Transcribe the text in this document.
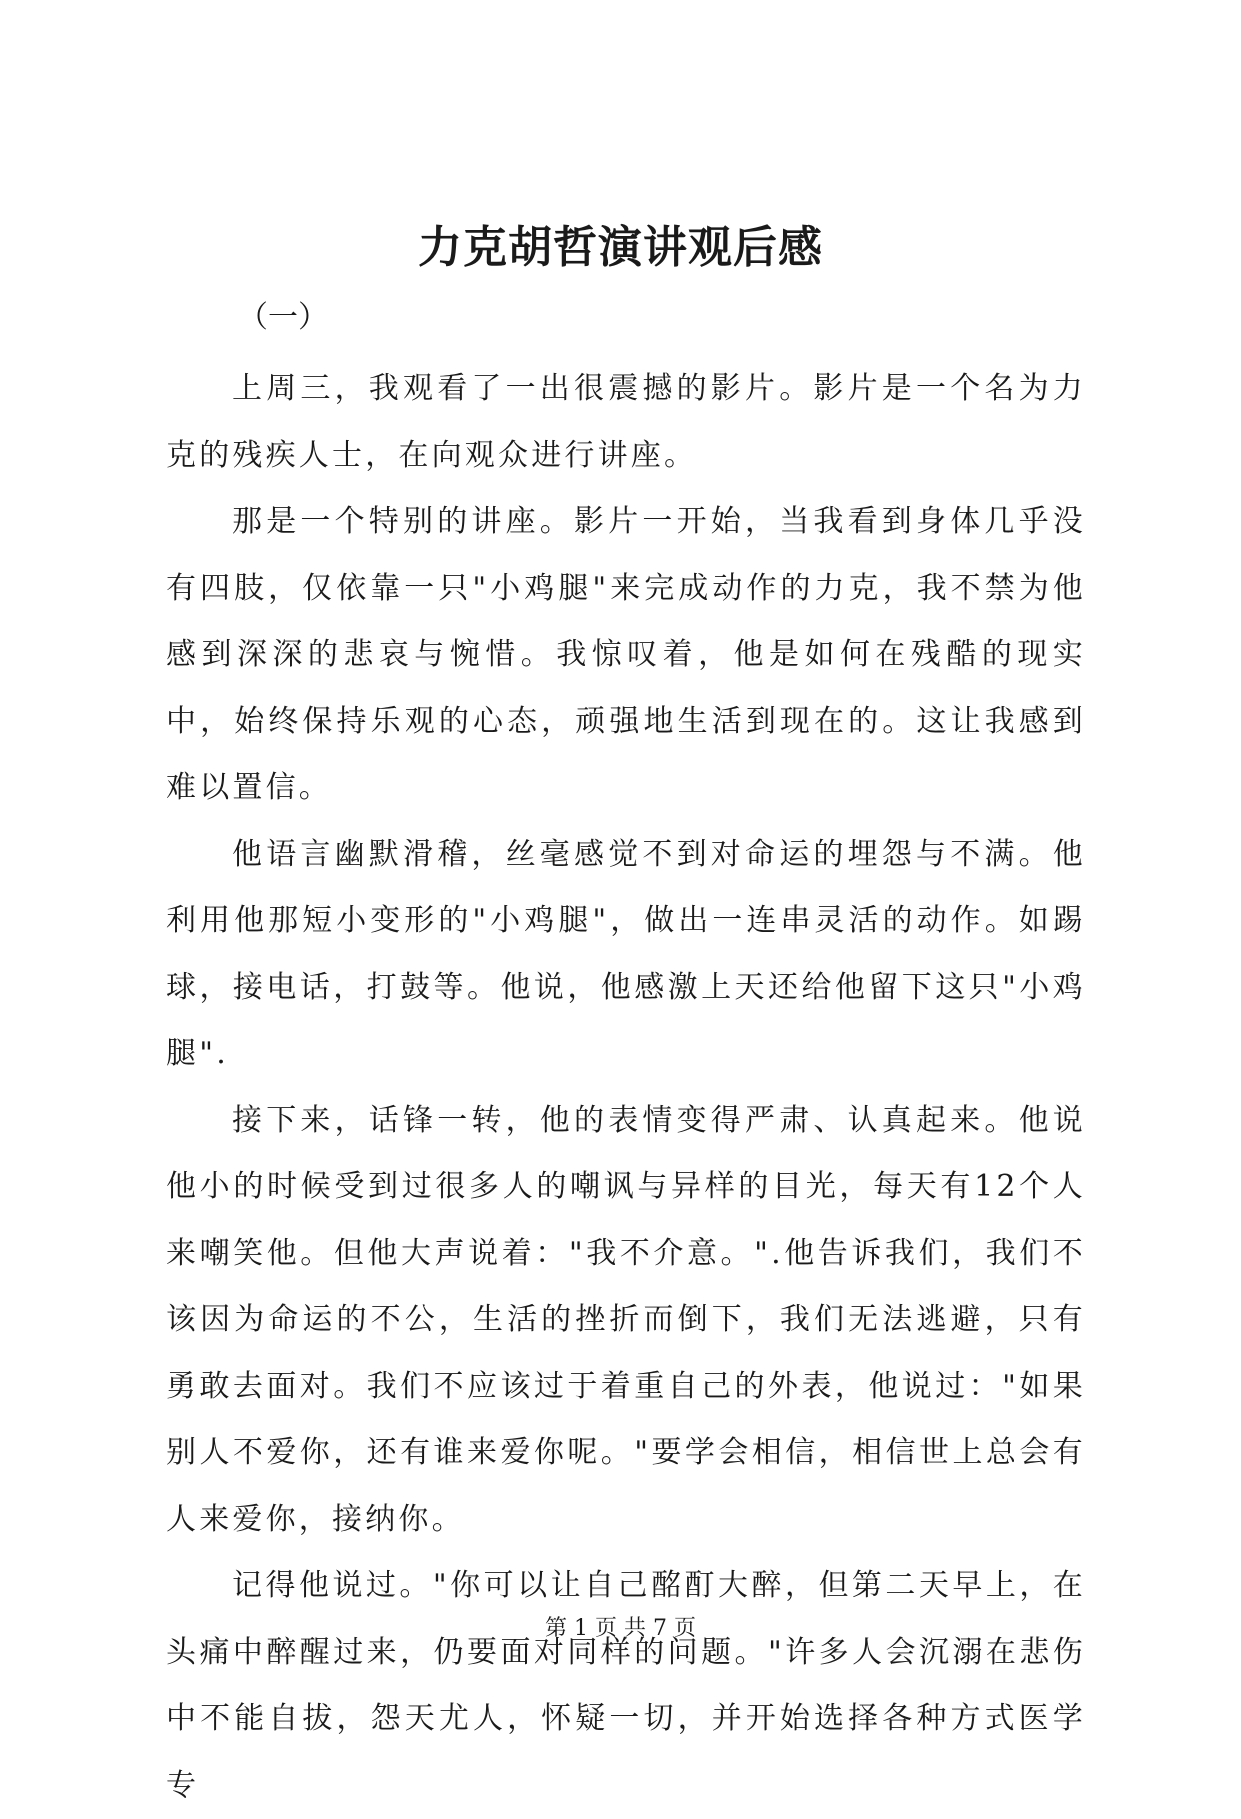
力克胡哲演讲观后感
（一）

上周三，我观看了一出很震撼的影片。影片是一个名为力克的残疾人士，在向观众进行讲座。

那是一个特别的讲座。影片一开始，当我看到身体几乎没有四肢，仅依靠一只"小鸡腿"来完成动作的力克，我不禁为他感到深深的悲哀与惋惜。我惊叹着，他是如何在残酷的现实中，始终保持乐观的心态，顽强地生活到现在的。这让我感到难以置信。

他语言幽默滑稽，丝毫感觉不到对命运的埋怨与不满。他利用他那短小变形的"小鸡腿"，做出一连串灵活的动作。如踢球，接电话，打鼓等。他说，他感激上天还给他留下这只"小鸡腿".

接下来，话锋一转，他的表情变得严肃、认真起来。他说他小的时候受到过很多人的嘲讽与异样的目光，每天有12个人来嘲笑他。但他大声说着："我不介意。".他告诉我们，我们不该因为命运的不公，生活的挫折而倒下，我们无法逃避，只有勇敢去面对。我们不应该过于着重自己的外表，他说过："如果别人不爱你，还有谁来爱你呢。"要学会相信，相信世上总会有人来爱你，接纳你。

记得他说过。"你可以让自己酩酊大醉，但第二天早上，在头痛中醉醒过来，仍要面对同样的问题。"许多人会沉溺在悲伤中不能自拔，怨天尤人，怀疑一切，并开始选择各种方式医学专

第 1 页 共 7 页
